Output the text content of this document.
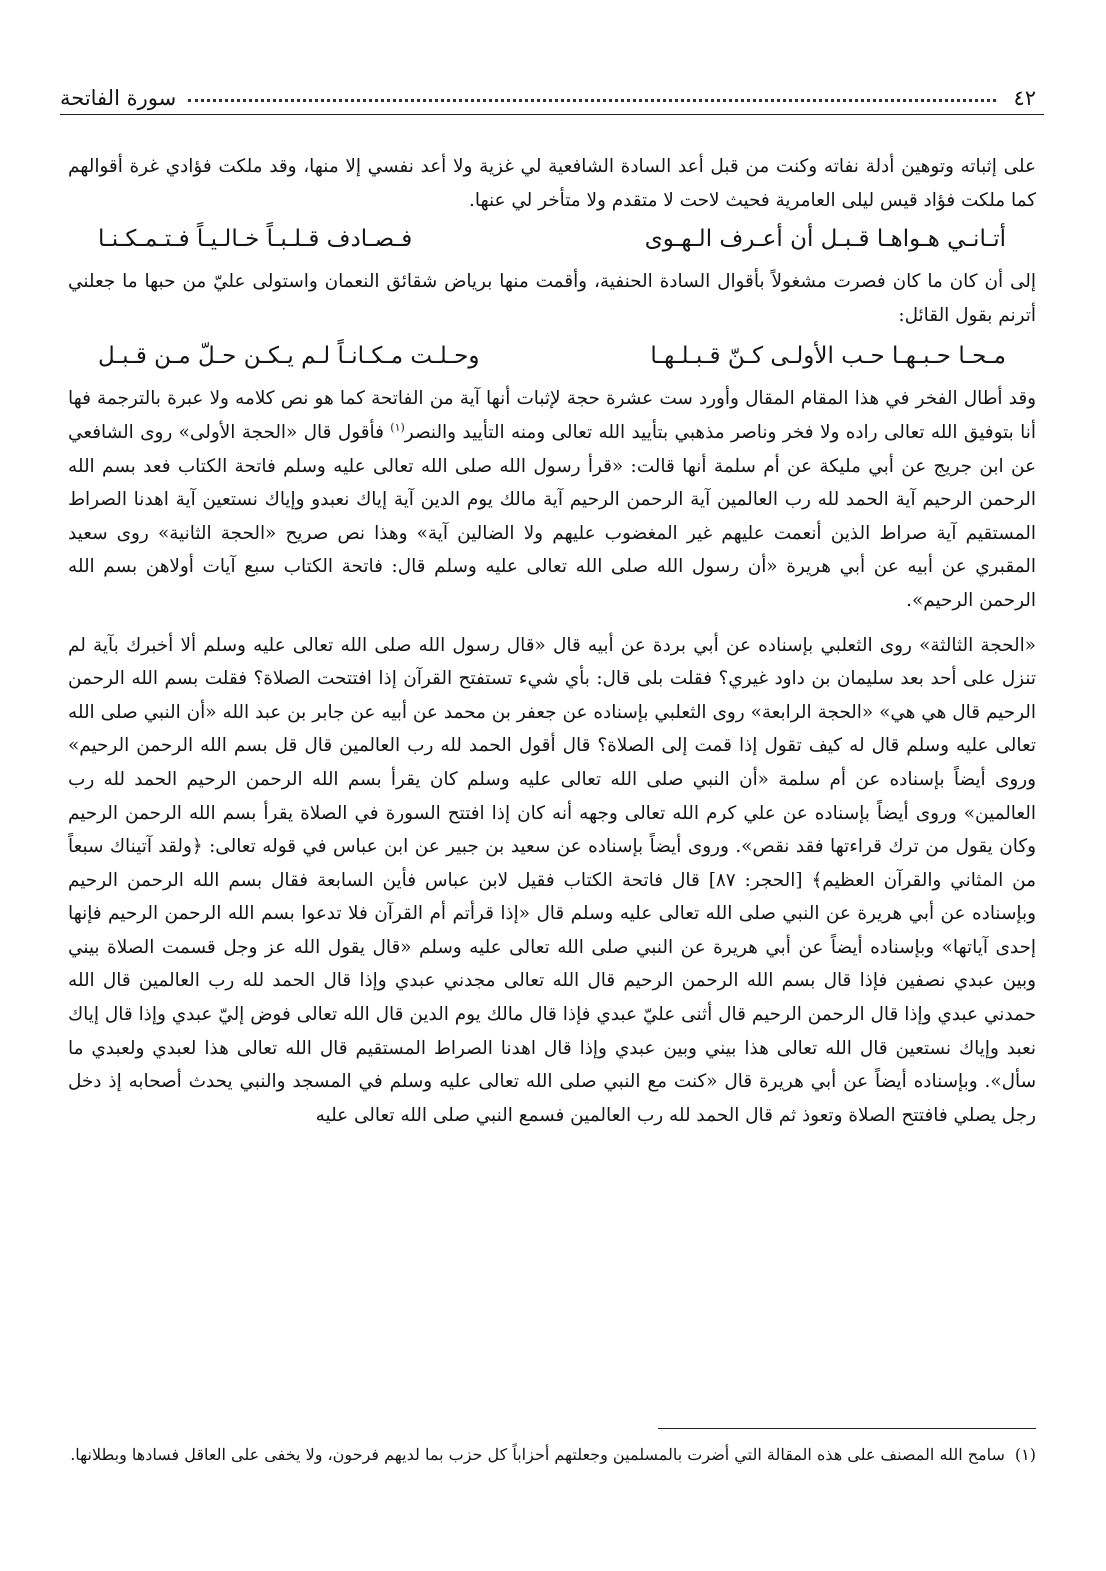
٤٢
سورة الفاتحة

على إثباته وتوهين أدلة نفاته وكنت من قبل أعد السادة الشافعية لي غزية ولا أعد نفسي إلا منها، وقد ملكت فؤادي غرة أقوالهم كما ملكت فؤاد قيس ليلى العامرية فحيث لاحت لا متقدم ولا متأخر لي عنها.

أتـانـي هـواهـا قـبـل أن أعـرف الـهـوى
فـصـادف قـلـبـاً خـالـيـاً فـتـمـكـنـا

إلى أن كان ما كان فصرت مشغولاً بأقوال السادة الحنفية، وأقمت منها برياض شقائق النعمان واستولى عليّ من حبها ما جعلني أترنم بقول القائل:

مـحـا حـبـهـا حـب الأولـى كـنّ قـبـلـهـا
وحـلـت مـكـانـاً لـم يـكـن حـلّ مـن قـبـل

وقد أطال الفخر في هذا المقام المقال وأورد ست عشرة حجة لإثبات أنها آية من الفاتحة كما هو نص كلامه ولا عبرة بالترجمة فها أنا بتوفيق الله تعالى راده ولا فخر وناصر مذهبي بتأييد الله تعالى ومنه التأييد والنصر$^{(١)}$ فأقول قال «الحجة الأولى» روى الشافعي عن ابن جريج عن أبي مليكة عن أم سلمة أنها قالت: «قرأ رسول الله صلى الله تعالى عليه وسلم فاتحة الكتاب فعد بسم الله الرحمن الرحيم آية الحمد لله رب العالمين آية الرحمن الرحيم آية مالك يوم الدين آية إياك نعبدو وإياك نستعين آية اهدنا الصراط المستقيم آية صراط الذين أنعمت عليهم غير المغضوب عليهم ولا الضالين آية» وهذا نص صريح «الحجة الثانية» روى سعيد المقبري عن أبيه عن أبي هريرة «أن رسول الله صلى الله تعالى عليه وسلم قال: فاتحة الكتاب سبع آيات أولاهن بسم الله الرحمن الرحيم».

«الحجة الثالثة» روى الثعلبي بإسناده عن أبي بردة عن أبيه قال «قال رسول الله صلى الله تعالى عليه وسلم ألا أخبرك بآية لم تنزل على أحد بعد سليمان بن داود غيري؟ فقلت بلى قال: بأي شيء تستفتح القرآن إذا افتتحت الصلاة؟ فقلت بسم الله الرحمن الرحيم قال هي هي» «الحجة الرابعة» روى الثعلبي بإسناده عن جعفر بن محمد عن أبيه عن جابر بن عبد الله «أن النبي صلى الله تعالى عليه وسلم قال له كيف تقول إذا قمت إلى الصلاة؟ قال أقول الحمد لله رب العالمين قال قل بسم الله الرحمن الرحيم» وروى أيضاً بإسناده عن أم سلمة «أن النبي صلى الله تعالى عليه وسلم كان يقرأ بسم الله الرحمن الرحيم الحمد لله رب العالمين» وروى أيضاً بإسناده عن علي كرم الله تعالى وجهه أنه كان إذا افتتح السورة في الصلاة يقرأ بسم الله الرحمن الرحيم وكان يقول من ترك قراءتها فقد نقص». وروى أيضاً بإسناده عن سعيد بن جبير عن ابن عباس في قوله تعالى: ﴿ولقد آتيناك سبعاً من المثاني والقرآن العظيم﴾ [الحجر: ٨٧] قال فاتحة الكتاب فقيل لابن عباس فأين السابعة فقال بسم الله الرحمن الرحيم وبإسناده عن أبي هريرة عن النبي صلى الله تعالى عليه وسلم قال «إذا قرأتم أم القرآن فلا تدعوا بسم الله الرحمن الرحيم فإنها إحدى آياتها» وبإسناده أيضاً عن أبي هريرة عن النبي صلى الله تعالى عليه وسلم «قال يقول الله عز وجل قسمت الصلاة بيني وبين عبدي نصفين فإذا قال بسم الله الرحمن الرحيم قال الله تعالى مجدني عبدي وإذا قال الحمد لله رب العالمين قال الله حمدني عبدي وإذا قال الرحمن الرحيم قال أثنى عليّ عبدي فإذا قال مالك يوم الدين قال الله تعالى فوض إليّ عبدي وإذا قال إياك نعبد وإياك نستعين قال الله تعالى هذا بيني وبين عبدي وإذا قال اهدنا الصراط المستقيم قال الله تعالى هذا لعبدي ولعبدي ما سأل». وبإسناده أيضاً عن أبي هريرة قال «كنت مع النبي صلى الله تعالى عليه وسلم في المسجد والنبي يحدث أصحابه إذ دخل رجل يصلي فافتتح الصلاة وتعوذ ثم قال الحمد لله رب العالمين فسمع النبي صلى الله تعالى عليه

(١)سامح الله المصنف على هذه المقالة التي أضرت بالمسلمين وجعلتهم أحزاباً كل حزب بما لديهم فرحون، ولا يخفى على العاقل فسادها وبطلانها.
